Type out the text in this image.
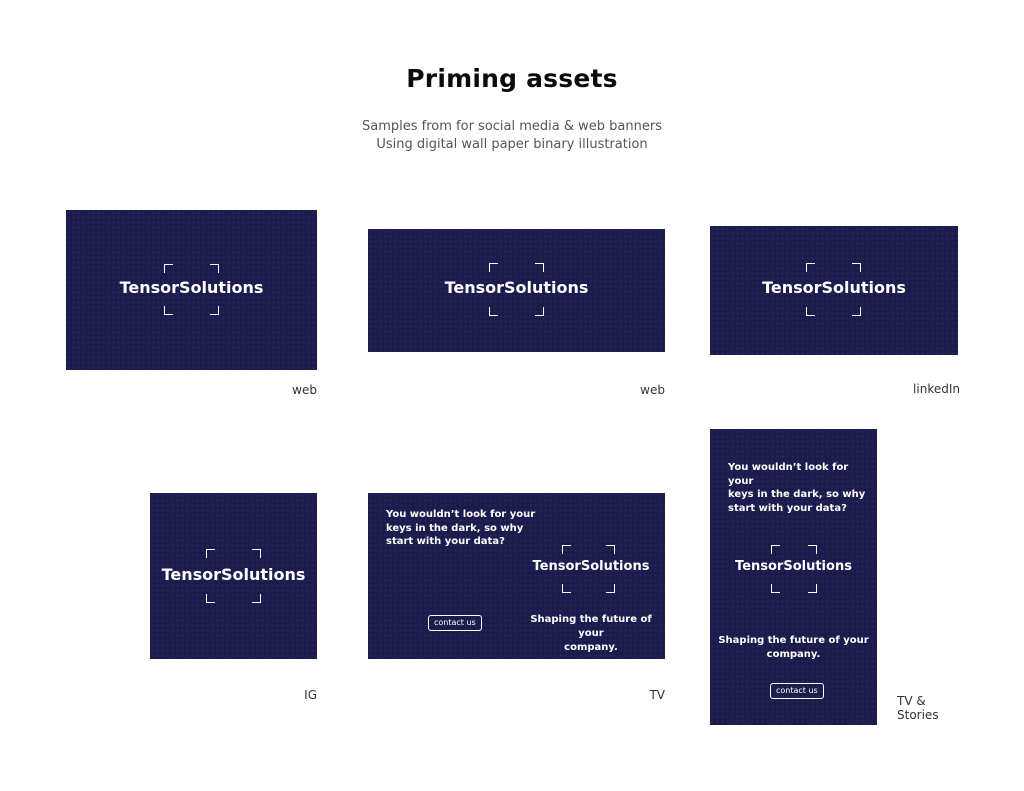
Priming assets
Samples from for social media & web banners
Using digital wall paper binary illustration
TensorSolutions
web
TensorSolutions
web
TensorSolutions
linkedIn
TensorSolutions
IG
You wouldn’t look for your
keys in the dark, so why
start with your data?
TensorSolutions
Shaping the future of your
company.
contact us
TV
You wouldn’t look for your
keys in the dark, so why
start with your data?
TensorSolutions
Shaping the future of your
company.
contact us
TV &
Stories
